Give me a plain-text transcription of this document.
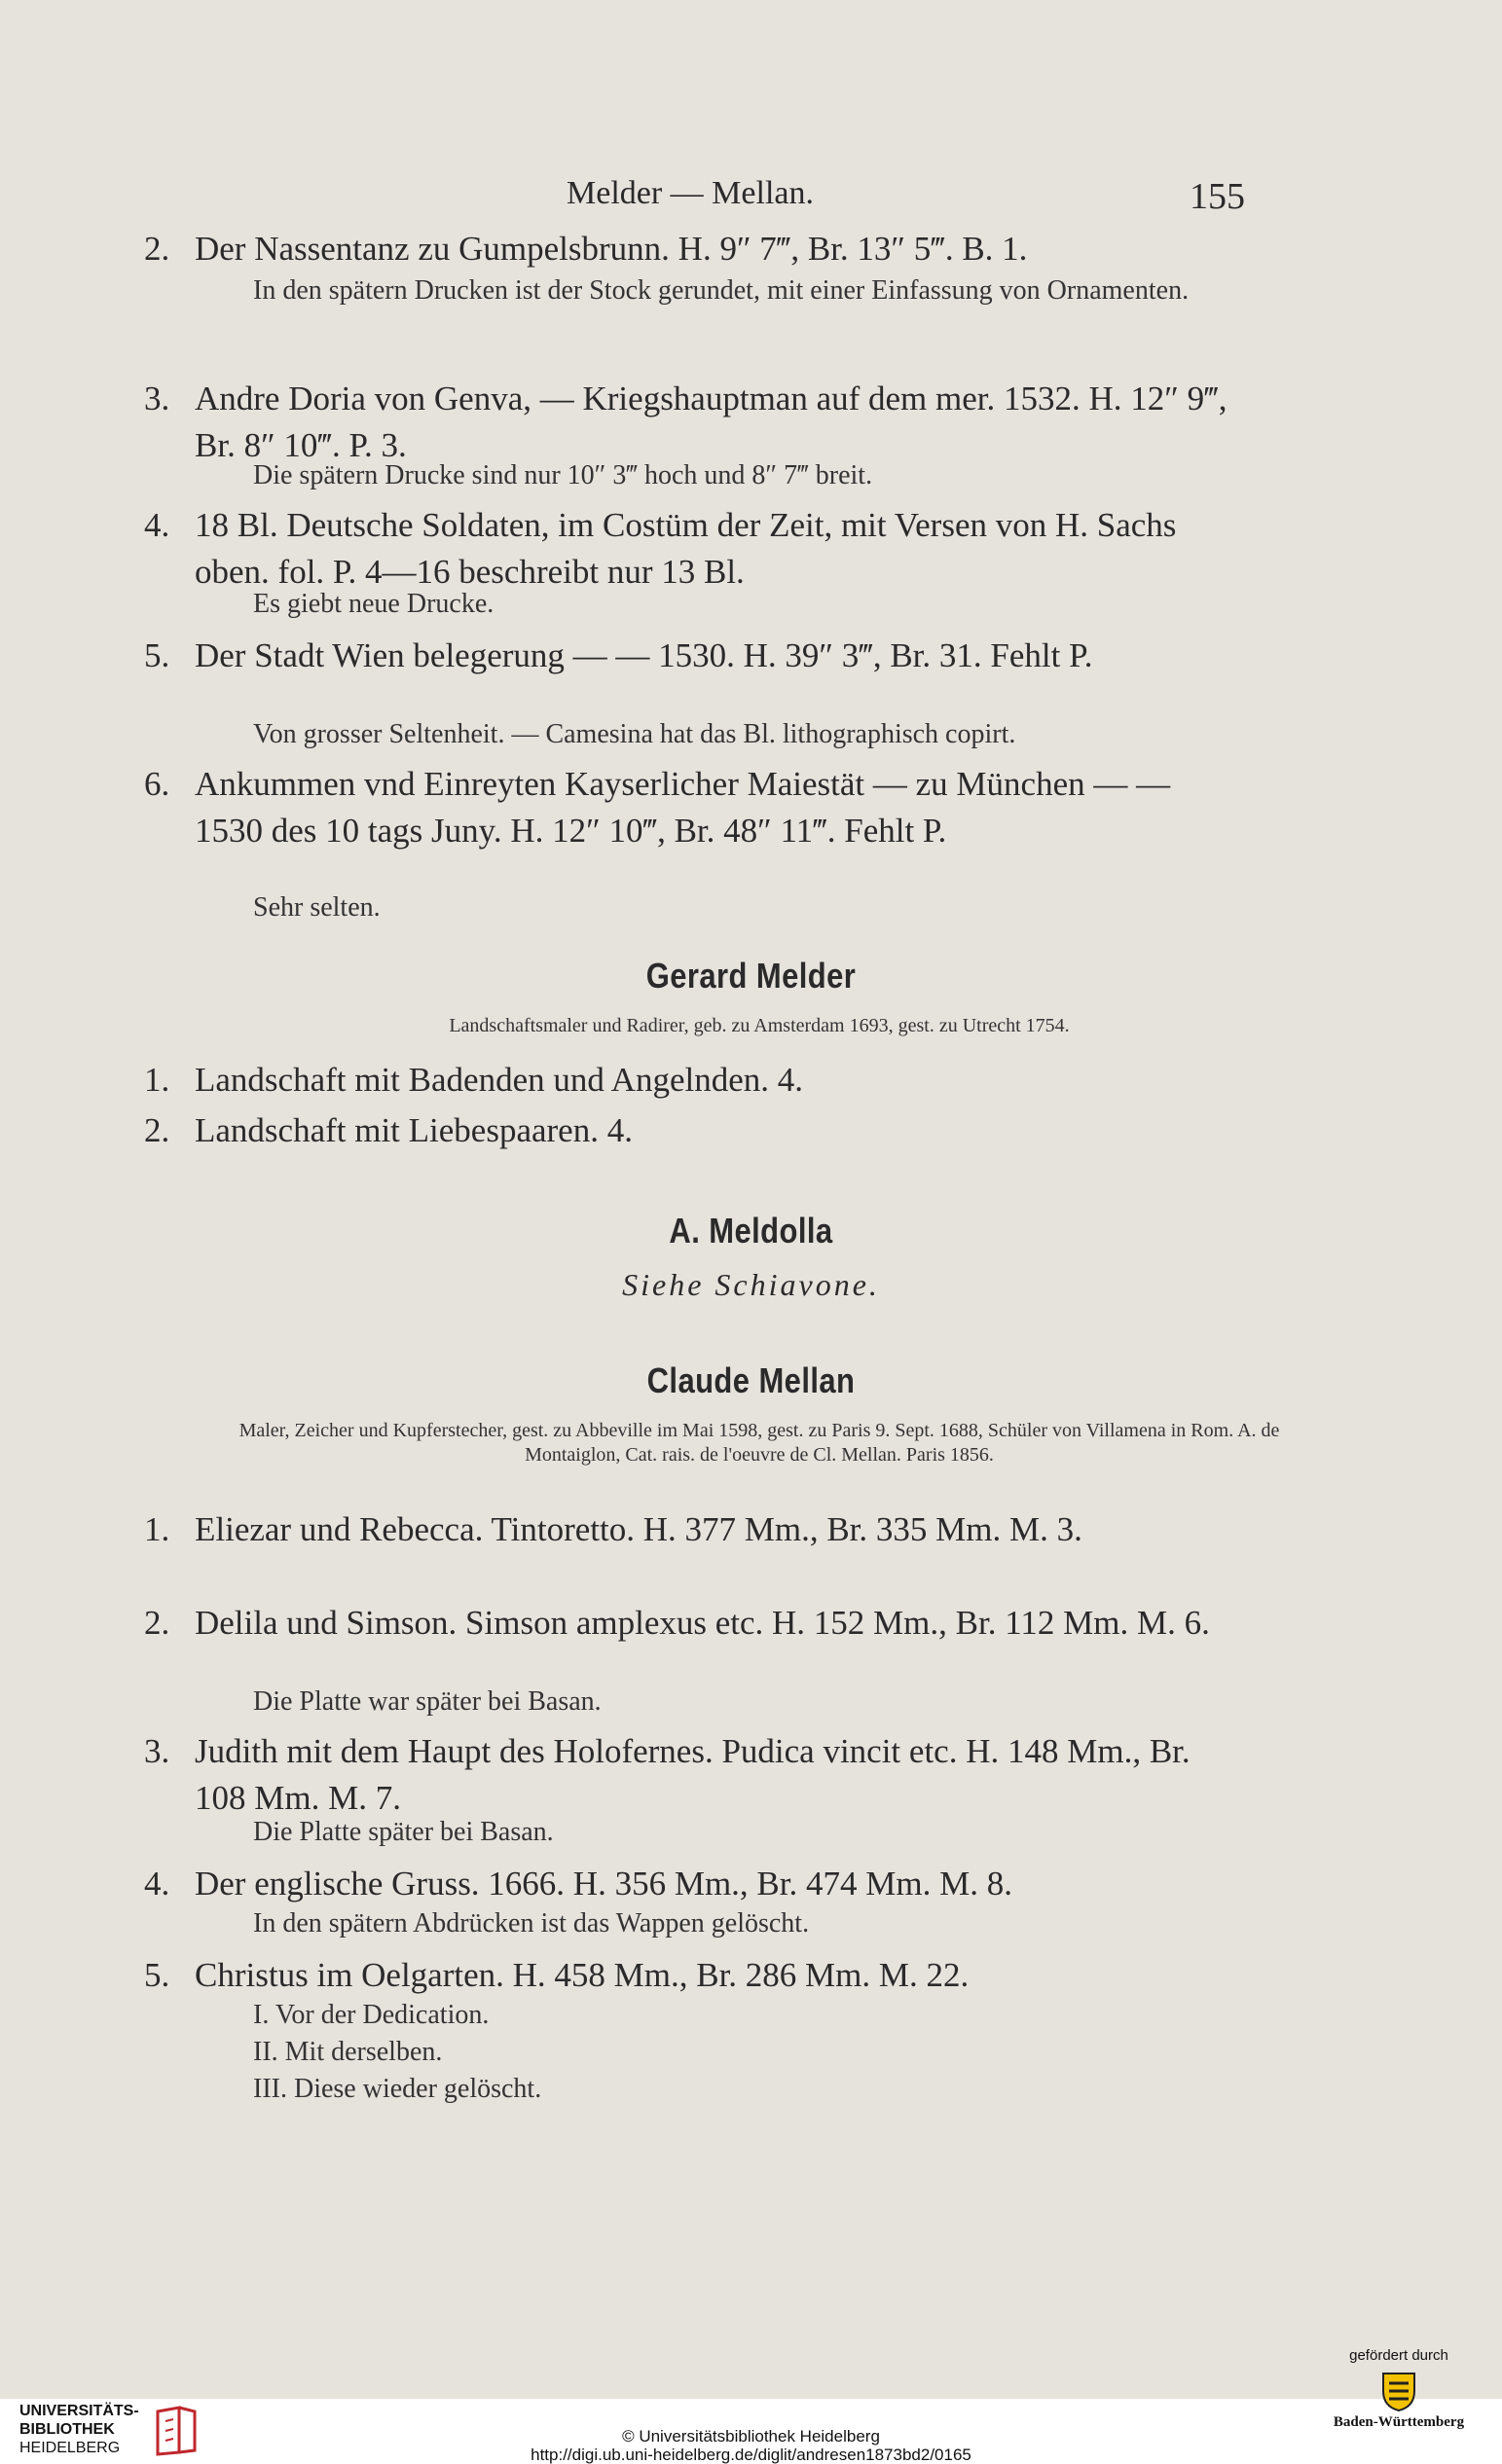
Melder — Mellan.	155
2. Der Nassentanz zu Gumpelsbrunn. H. 9″ 7‴, Br. 13″ 5‴. B. 1.
In den spätern Drucken ist der Stock gerundet, mit einer Einfassung von Ornamenten.
3. Andre Doria von Genva, — Kriegshauptman auf dem mer. 1532. H. 12″ 9‴, Br. 8″ 10‴. P. 3.
Die spätern Drucke sind nur 10″ 3‴ hoch und 8″ 7‴ breit.
4. 18 Bl. Deutsche Soldaten, im Costüm der Zeit, mit Versen von H. Sachs oben. fol. P. 4—16 beschreibt nur 13 Bl.
Es giebt neue Drucke.
5. Der Stadt Wien belegerung — — 1530. H. 39″ 3‴, Br. 31. Fehlt P.
Von grosser Seltenheit. — Camesina hat das Bl. lithographisch copirt.
6. Ankummen vnd Einreyten Kayserlicher Maiestät — zu München — — 1530 des 10 tags Juny. H. 12″ 10‴, Br. 48″ 11‴. Fehlt P.
Sehr selten.
Gerard Melder
Landschaftsmaler und Radirer, geb. zu Amsterdam 1693, gest. zu Utrecht 1754.
1. Landschaft mit Badenden und Angelnden. 4.
2. Landschaft mit Liebespaaren. 4.
A. Meldolla
Siehe Schiavone.
Claude Mellan
Maler, Zeicher und Kupferstecher, gest. zu Abbeville im Mai 1598, gest. zu Paris 9. Sept. 1688, Schüler von Villamena in Rom. A. de Montaiglon, Cat. rais. de l'oeuvre de Cl. Mellan. Paris 1856.
1. Eliezar und Rebecca. Tintoretto. H. 377 Mm., Br. 335 Mm. M. 3.
2. Delila und Simson. Simson amplexus etc. H. 152 Mm., Br. 112 Mm. M. 6.
Die Platte war später bei Basan.
3. Judith mit dem Haupt des Holofernes. Pudica vincit etc. H. 148 Mm., Br. 108 Mm. M. 7.
Die Platte später bei Basan.
4. Der englische Gruss. 1666. H. 356 Mm., Br. 474 Mm. M. 8.
In den spätern Abdrücken ist das Wappen gelöscht.
5. Christus im Oelgarten. H. 458 Mm., Br. 286 Mm. M. 22.
I. Vor der Dedication.
II. Mit derselben.
III. Diese wieder gelöscht.
UNIVERSITÄTS-
BIBLIOTHEK
HEIDELBERG
© Universitätsbibliothek Heidelberg
http://digi.ub.uni-heidelberg.de/diglit/andresen1873bd2/0165
gefördert durch
Baden-Württemberg
